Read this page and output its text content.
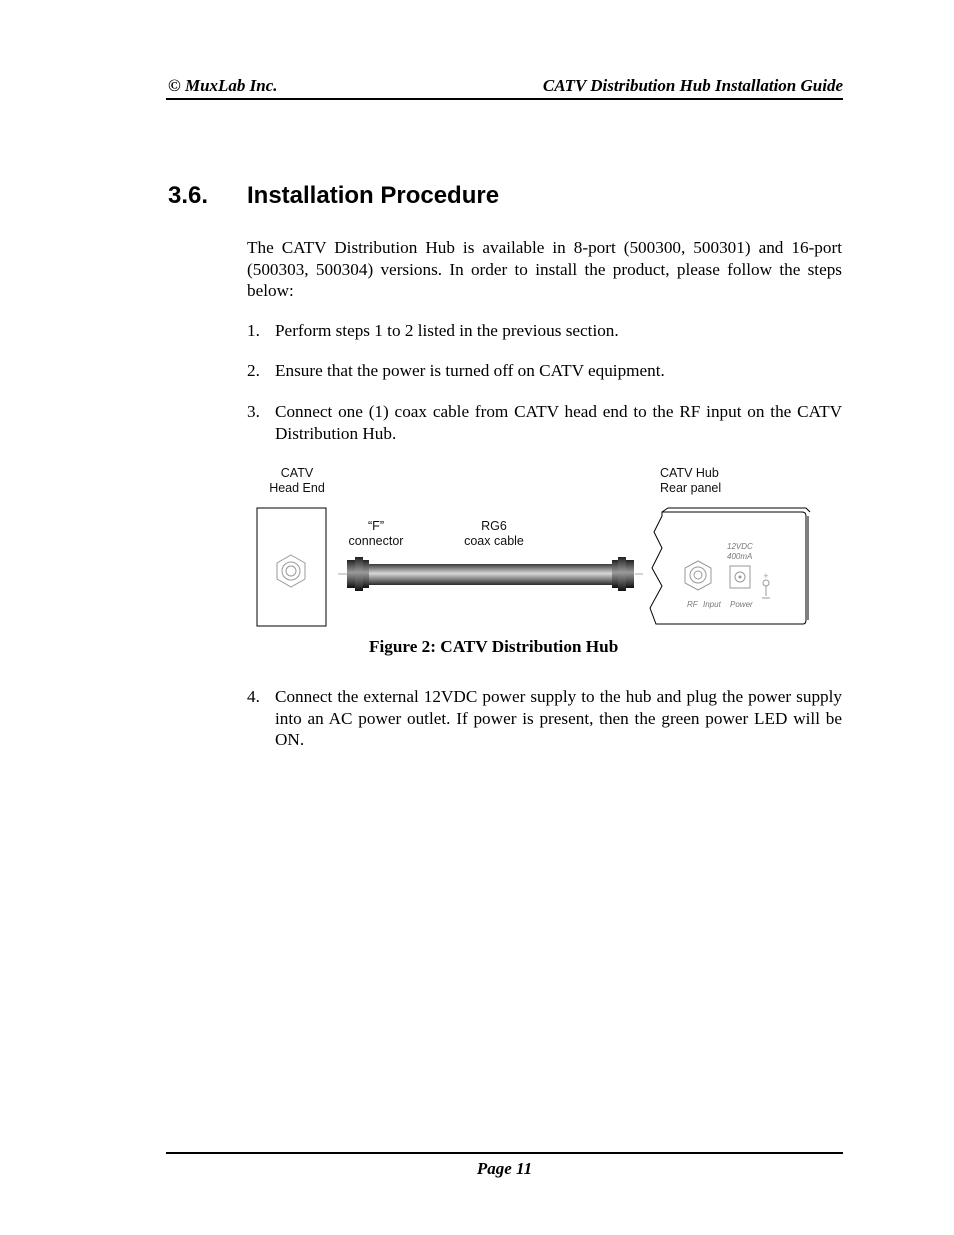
© MuxLab Inc.	CATV Distribution Hub Installation Guide
3.6. Installation Procedure
The CATV Distribution Hub is available in 8-port (500300, 500301) and 16-port (500303, 500304) versions. In order to install the product, please follow the steps below:
1. Perform steps 1 to 2 listed in the previous section.
2. Ensure that the power is turned off on CATV equipment.
3. Connect one (1) coax cable from CATV head end to the RF input on the CATV Distribution Hub.
+
CATV
Head End
“F”
connector
RG6
coax cable
CATV Hub
Rear panel
12VDC
400mA
RF Input Power
Figure 2: CATV Distribution Hub
4. Connect the external 12VDC power supply to the hub and plug the power supply into an AC power outlet. If power is present, then the green power LED will be ON.
Page 11
